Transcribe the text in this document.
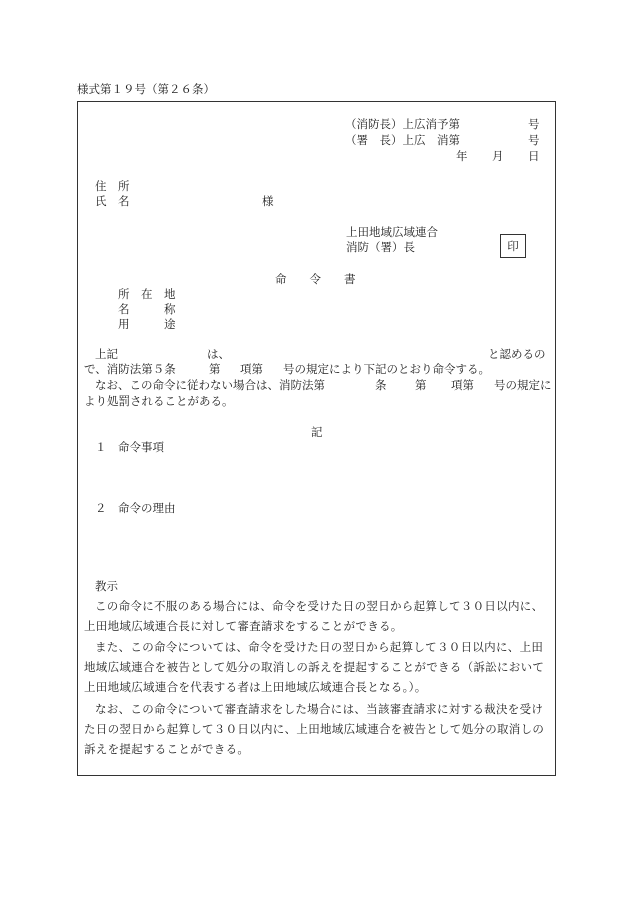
様式第１９号（第２６条）
（消防長）上広消予第	号
（署　長）上広　消第	号
年 月 日
住　所
氏　名	様
上田地域広域連合
消防（署）長	印
命　　令　　書
所　在　地
名　　　称
用　　　途
上記	は、	と認めるの
で、消防法第５条	第 項第 号の規定により下記のとおり命令する。
なお、この命令に従わない場合は、消防法第	条 第 項第 号の規定に
より処罰されることがある。
記
１ 命令事項
２ 命令の理由
教示
この命令に不服のある場合には、命令を受けた日の翌日から起算して３０日以内に、上田地域広域連合長に対して審査請求をすることができる。
また、この命令については、命令を受けた日の翌日から起算して３０日以内に、上田地域広域連合を被告として処分の取消しの訴えを提起することができる（訴訟において上田地域広域連合を代表する者は上田地域広域連合長となる。）。
なお、この命令について審査請求をした場合には、当該審査請求に対する裁決を受けた日の翌日から起算して３０日以内に、上田地域広域連合を被告として処分の取消しの訴えを提起することができる。
